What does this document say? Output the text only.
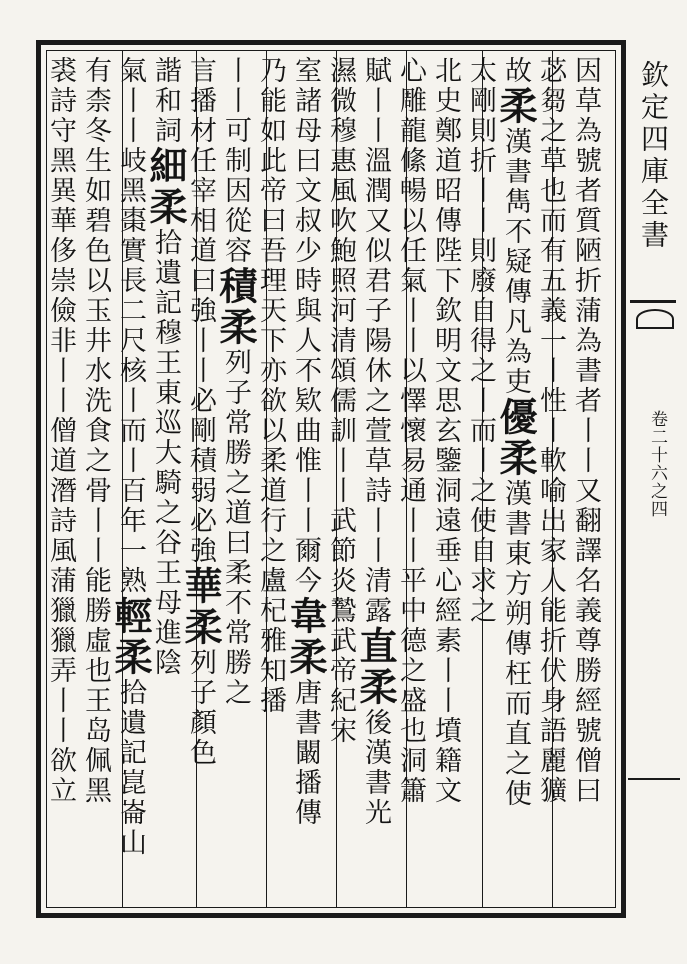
因草為號者質陋折蒲為書者丨丨又翻譯名義尊勝經號僧曰
苾芻之草也而有五義一丨性丨軟喻出家人能折伏身語麗獷
故柔漢書雋不疑傳凡為吏優柔漢書東方朔傳枉而直之使
太剛則折丨丨則廢自得之丨而丨之使自求之
北史鄭道昭傳陛下欽明文思玄鑒洞遠垂心經素丨丨墳籍文
心雕龍絛暢以任氣丨丨以懌懷易通丨丨平中德之盛也洞簫
賦丨丨溫潤又似君子陽休之萱草詩丨丨清露直柔後漢書光
濕微穆惠風吹鮑照河清頌儒訓丨丨武節炎鷙武帝紀宋
室諸母曰文叔少時與人不欵曲惟丨丨爾今韋柔唐書闞播傳
乃能如此帝曰吾理天下亦欲以柔道行之盧杞雅知播
丨丨可制因從容積柔列子常勝之道曰柔不常勝之
言播材任宰相道曰強丨丨必剛積弱必強華柔列子顏色
諧和詞細柔拾遺記穆王東巡大騎之谷王母進陰
氣丨丨岐黑棗實長二尺核丨而丨百年一熟輕柔拾遺記崑崙山
有柰冬生如碧色以玉井水洗食之骨丨丨能勝虛也王岛佩黑
裘詩守黑異華侈崇儉非丨丨僧道潛詩風蒲獵獵弄丨丨欲立	欽定四庫全書
卷二十六之四
